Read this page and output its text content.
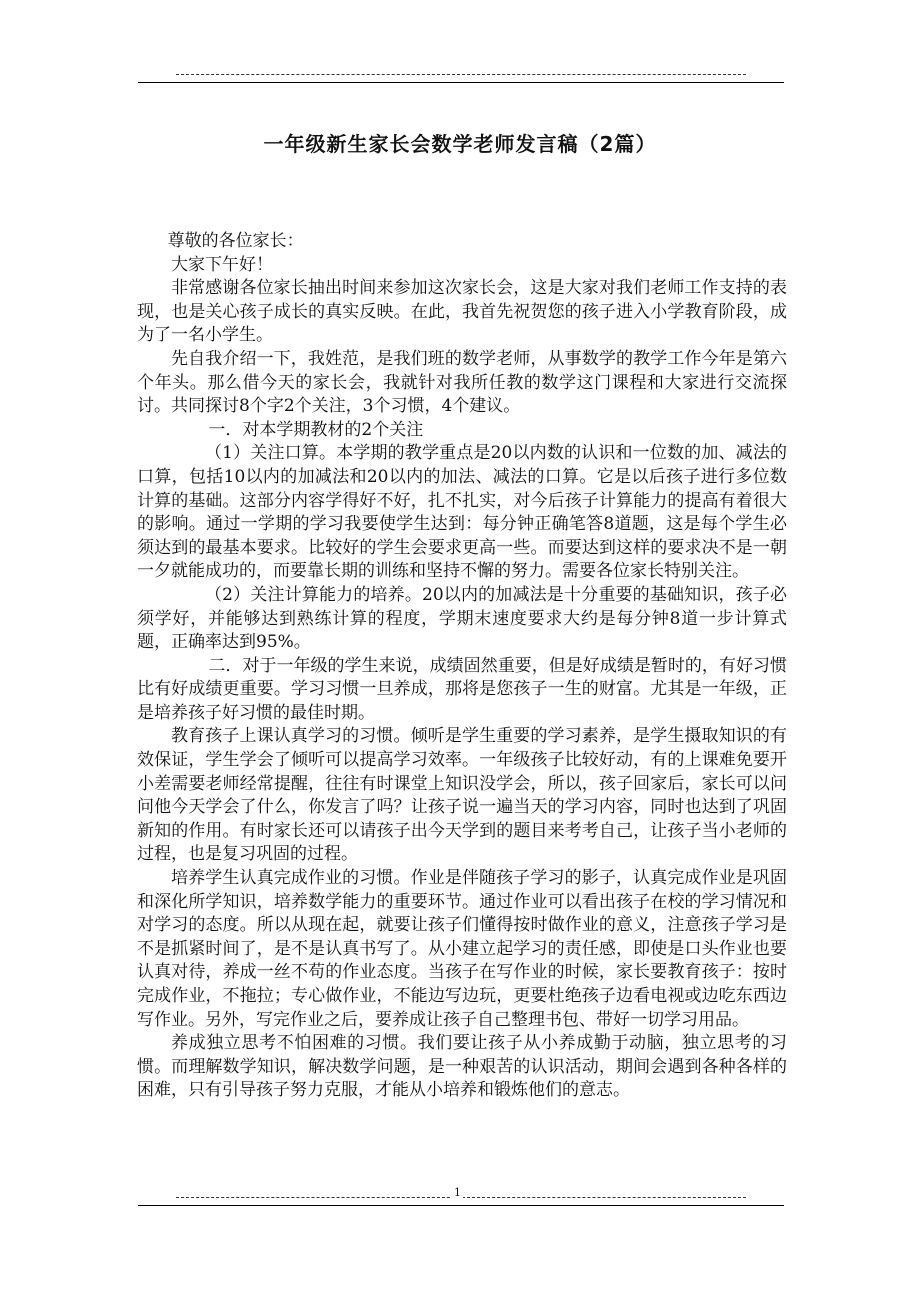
一年级新生家长会数学老师发言稿（2篇）

尊敬的各位家长：

大家下午好！

非常感谢各位家长抽出时间来参加这次家长会，这是大家对我们老师工作支持的表现，也是关心孩子成长的真实反映。在此，我首先祝贺您的孩子进入小学教育阶段，成为了一名小学生。

先自我介绍一下，我姓范，是我们班的数学老师，从事数学的教学工作今年是第六个年头。那么借今天的家长会，我就针对我所任教的数学这门课程和大家进行交流探讨。共同探讨8个字2个关注，3个习惯，4个建议。

一．对本学期教材的2个关注

（1）关注口算。本学期的教学重点是20以内数的认识和一位数的加、减法的口算，包括10以内的加减法和20以内的加法、减法的口算。它是以后孩子进行多位数计算的基础。这部分内容学得好不好，扎不扎实，对今后孩子计算能力的提高有着很大的影响。通过一学期的学习我要使学生达到：每分钟正确笔答8道题，这是每个学生必须达到的最基本要求。比较好的学生会要求更高一些。而要达到这样的要求决不是一朝一夕就能成功的，而要靠长期的训练和坚持不懈的努力。需要各位家长特别关注。

（2）关注计算能力的培养。20以内的加减法是十分重要的基础知识，孩子必须学好，并能够达到熟练计算的程度，学期末速度要求大约是每分钟8道一步计算式题，正确率达到95%。

二．对于一年级的学生来说，成绩固然重要，但是好成绩是暂时的，有好习惯比有好成绩更重要。学习习惯一旦养成，那将是您孩子一生的财富。尤其是一年级，正是培养孩子好习惯的最佳时期。

教育孩子上课认真学习的习惯。倾听是学生重要的学习素养，是学生摄取知识的有效保证，学生学会了倾听可以提高学习效率。一年级孩子比较好动，有的上课难免要开小差需要老师经常提醒，往往有时课堂上知识没学会，所以，孩子回家后，家长可以问问他今天学会了什么，你发言了吗？让孩子说一遍当天的学习内容，同时也达到了巩固新知的作用。有时家长还可以请孩子出今天学到的题目来考考自己，让孩子当小老师的过程，也是复习巩固的过程。

培养学生认真完成作业的习惯。作业是伴随孩子学习的影子，认真完成作业是巩固和深化所学知识，培养数学能力的重要环节。通过作业可以看出孩子在校的学习情况和对学习的态度。所以从现在起，就要让孩子们懂得按时做作业的意义，注意孩子学习是不是抓紧时间了，是不是认真书写了。从小建立起学习的责任感，即使是口头作业也要认真对待，养成一丝不苟的作业态度。当孩子在写作业的时候，家长要教育孩子：按时完成作业，不拖拉；专心做作业，不能边写边玩，更要杜绝孩子边看电视或边吃东西边写作业。另外，写完作业之后，要养成让孩子自己整理书包、带好一切学习用品。

养成独立思考不怕困难的习惯。我们要让孩子从小养成勤于动脑，独立思考的习惯。而理解数学知识，解决数学问题，是一种艰苦的认识活动，期间会遇到各种各样的困难，只有引导孩子努力克服，才能从小培养和锻炼他们的意志。

1
